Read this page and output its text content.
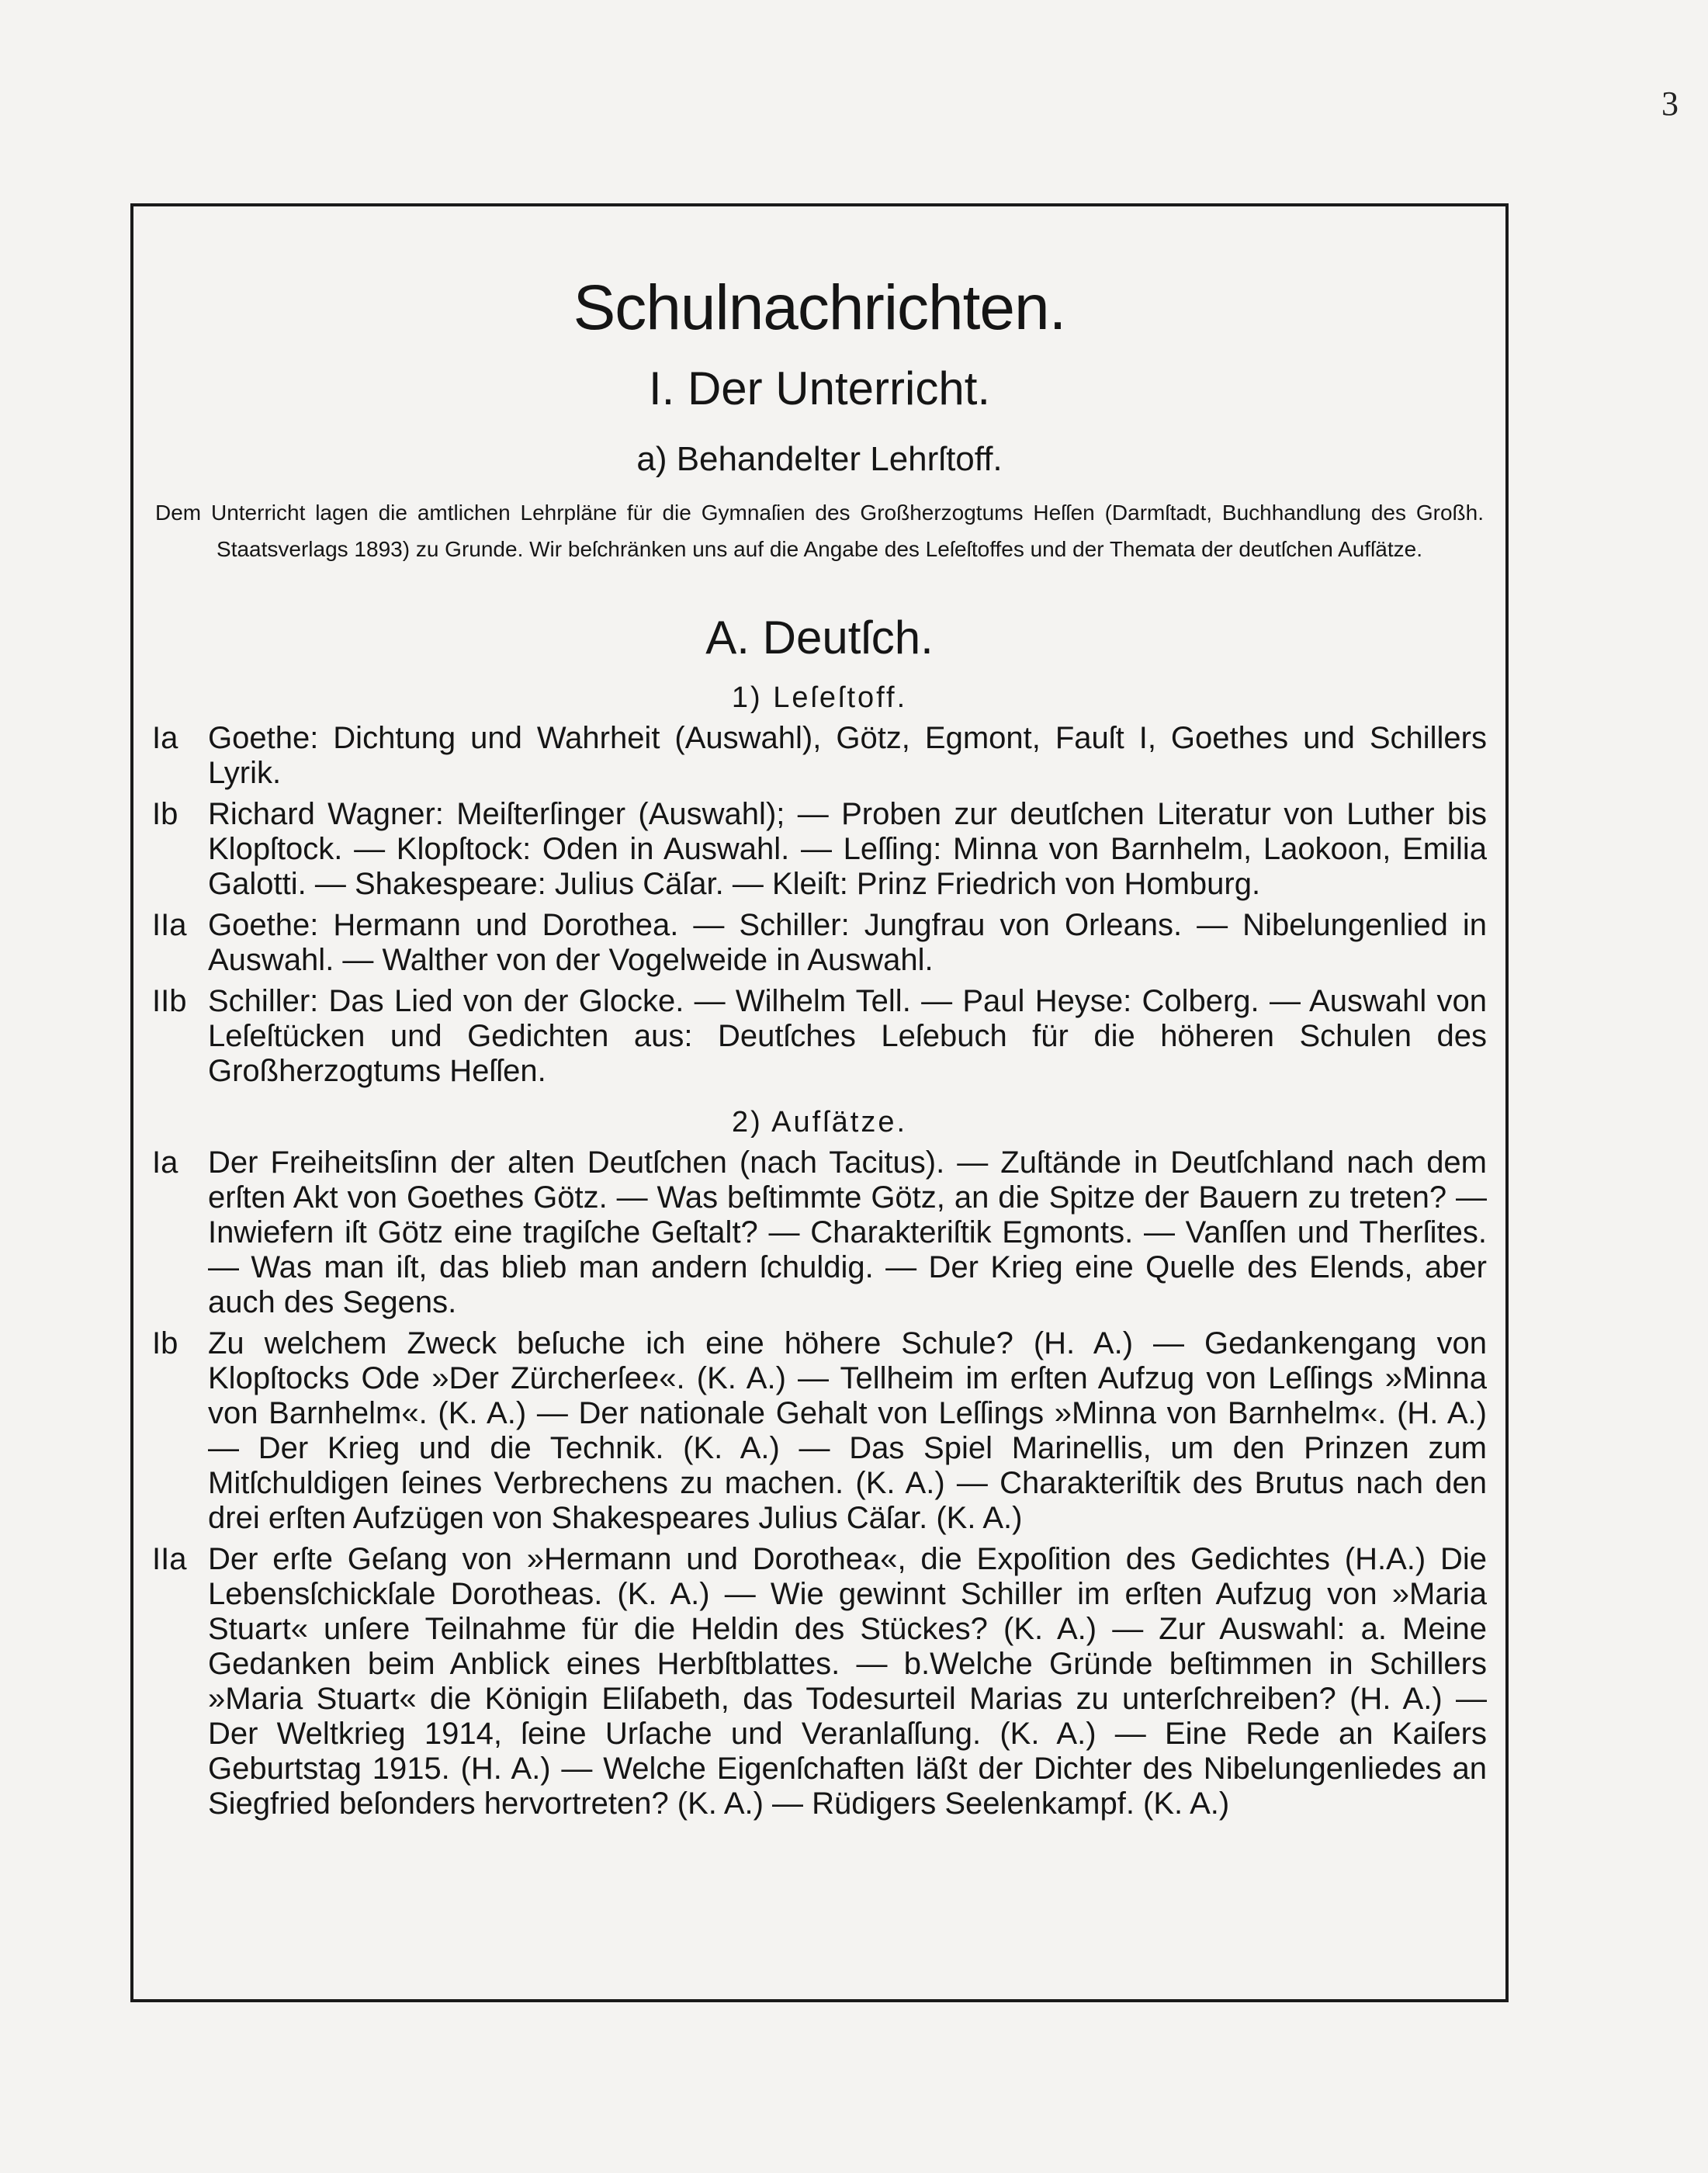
3
Schulnachrichten.
I. Der Unterricht.
a) Behandelter Lehrſtoff.

Dem Unterricht lagen die amtlichen Lehrpläne für die Gymnaſien des Großherzogtums Heſſen (Darmſtadt, Buchhandlung des Großh. Staatsverlags 1893) zu Grunde. Wir beſchränken uns auf die Angabe des Leſeſtoffes und der Themata der deutſchen Aufſätze.

A. Deutſch.
1) Leſeſtoff.
Ia Goethe: Dichtung und Wahrheit (Auswahl), Götz, Egmont, Fauſt I, Goethes und Schillers Lyrik.
Ib Richard Wagner: Meiſterſinger (Auswahl); — Proben zur deutſchen Literatur von Luther bis Klopſtock. — Klopſtock: Oden in Auswahl. — Leſſing: Minna von Barnhelm, Laokoon, Emilia Galotti. — Shakespeare: Julius Cäſar. — Kleiſt: Prinz Friedrich von Homburg.
IIa Goethe: Hermann und Dorothea. — Schiller: Jungfrau von Orleans. — Nibelungenlied in Auswahl. — Walther von der Vogelweide in Auswahl.
IIb Schiller: Das Lied von der Glocke. — Wilhelm Tell. — Paul Heyse: Colberg. — Auswahl von Leſeſtücken und Gedichten aus: Deutſches Leſebuch für die höheren Schulen des Großherzogtums Heſſen.
2) Aufſätze.
Ia Der Freiheitsſinn der alten Deutſchen (nach Tacitus). — Zuſtände in Deutſchland nach dem erſten Akt von Goethes Götz. — Was beſtimmte Götz, an die Spitze der Bauern zu treten? — Inwiefern iſt Götz eine tragiſche Geſtalt? — Charakteriſtik Egmonts. — Vanſſen und Therſites. — Was man iſt, das blieb man andern ſchuldig. — Der Krieg eine Quelle des Elends, aber auch des Segens.
Ib Zu welchem Zweck beſuche ich eine höhere Schule? (H. A.) — Gedankengang von Klopſtocks Ode »Der Zürcherſee«. (K. A.) — Tellheim im erſten Aufzug von Leſſings »Minna von Barnhelm«. (K. A.) — Der nationale Gehalt von Leſſings »Minna von Barnhelm«. (H. A.) — Der Krieg und die Technik. (K. A.) — Das Spiel Marinellis, um den Prinzen zum Mitſchuldigen ſeines Verbrechens zu machen. (K. A.) — Charakteriſtik des Brutus nach den drei erſten Aufzügen von Shakespeares Julius Cäſar. (K. A.)
IIa Der erſte Geſang von »Hermann und Dorothea«, die Expoſition des Gedichtes (H.A.) Die Lebensſchickſale Dorotheas. (K. A.) — Wie gewinnt Schiller im erſten Aufzug von »Maria Stuart« unſere Teilnahme für die Heldin des Stückes? (K. A.) — Zur Auswahl: a. Meine Gedanken beim Anblick eines Herbſtblattes. — b.Welche Gründe beſtimmen in Schillers »Maria Stuart« die Königin Eliſabeth, das Todesurteil Marias zu unterſchreiben? (H. A.) — Der Weltkrieg 1914, ſeine Urſache und Veranlaſſung. (K. A.) — Eine Rede an Kaiſers Geburtstag 1915. (H. A.) — Welche Eigenſchaften läßt der Dichter des Nibelungenliedes an Siegfried beſonders hervortreten? (K. A.) — Rüdigers Seelenkampf. (K. A.)
